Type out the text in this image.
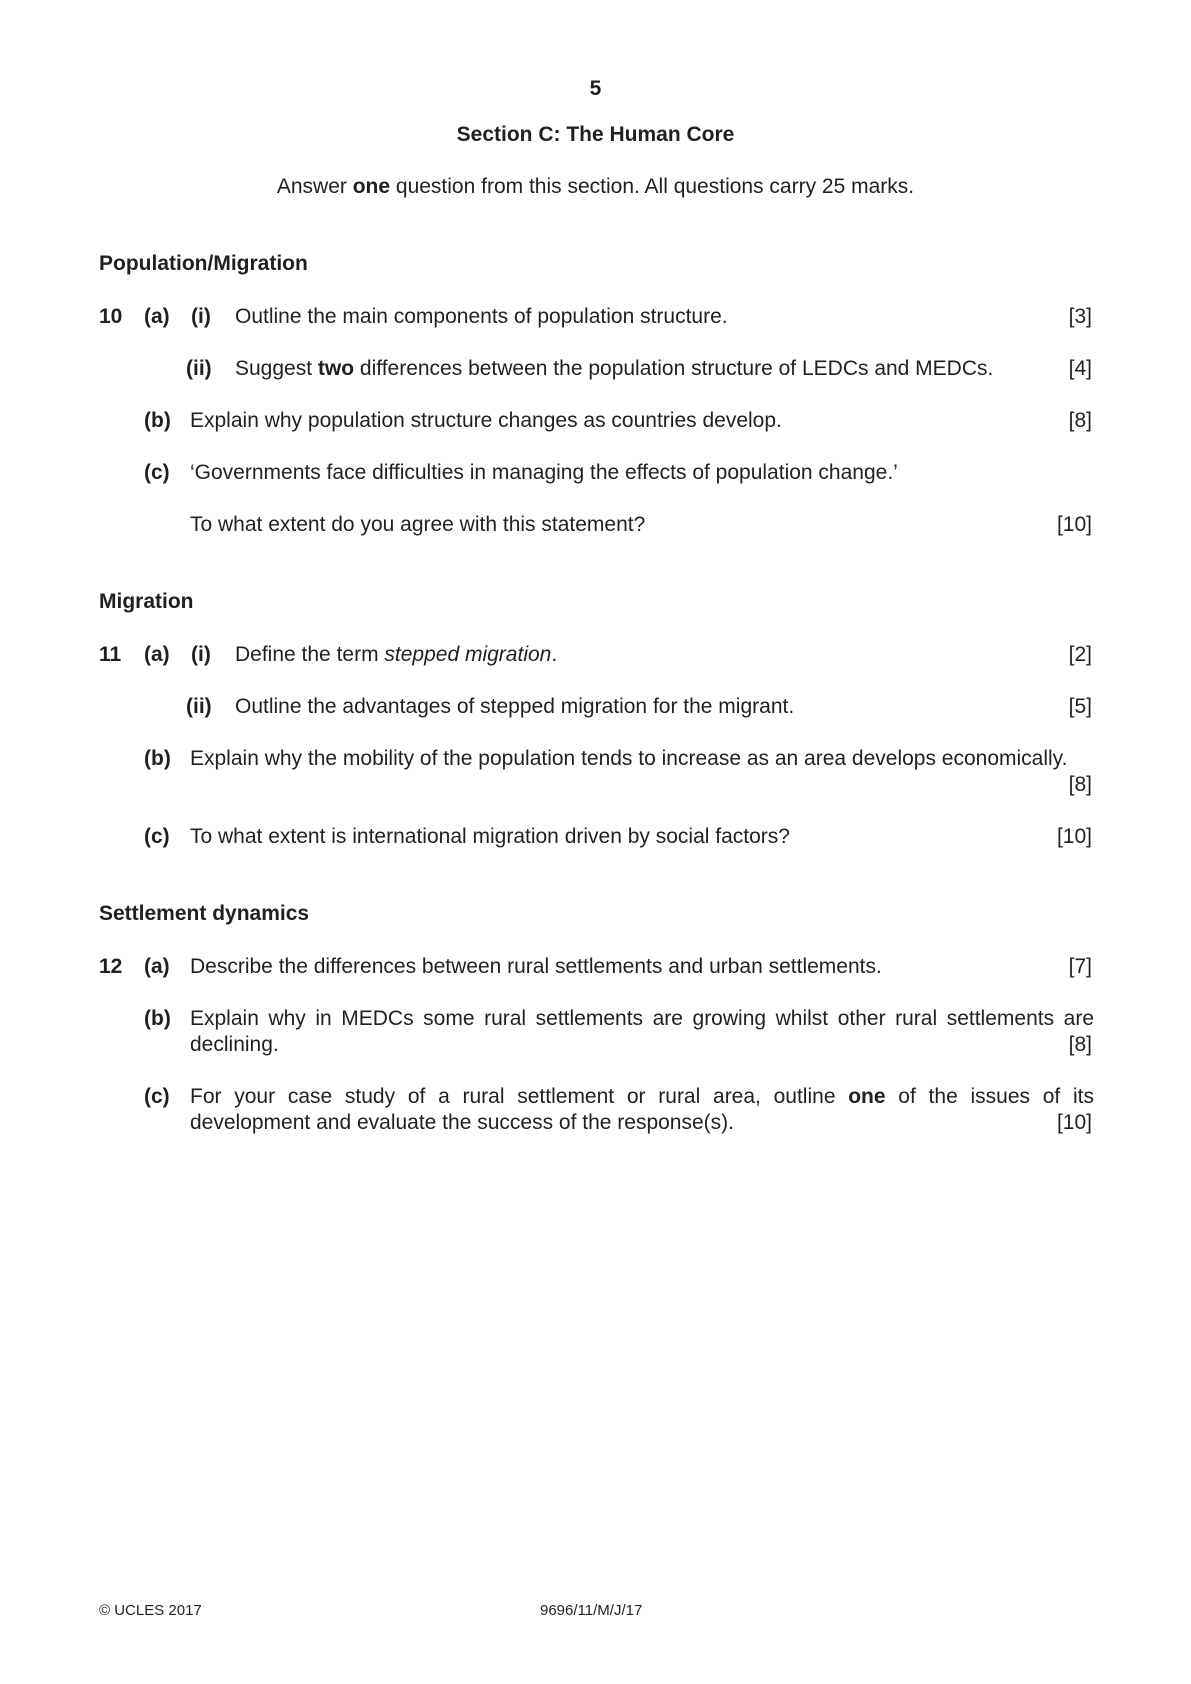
5
Section C: The Human Core
Answer one question from this section. All questions carry 25 marks.
Population/Migration
10 (a) (i) Outline the main components of population structure.	[3]
(ii) Suggest two differences between the population structure of LEDCs and MEDCs.	[4]
(b) Explain why population structure changes as countries develop.	[8]
(c) ‘Governments face difficulties in managing the effects of population change.’
To what extent do you agree with this statement?	[10]
Migration
11 (a) (i) Define the term stepped migration.	[2]
(ii) Outline the advantages of stepped migration for the migrant.	[5]
(b) Explain why the mobility of the population tends to increase as an area develops economically.
[8]
(c) To what extent is international migration driven by social factors?	[10]
Settlement dynamics
12 (a) Describe the differences between rural settlements and urban settlements.	[7]
(b) Explain why in MEDCs some rural settlements are growing whilst other rural settlements are
declining.	[8]
(c) For your case study of a rural settlement or rural area, outline one of the issues of its
development and evaluate the success of the response(s).	[10]
© UCLES 2017	9696/11/M/J/17
